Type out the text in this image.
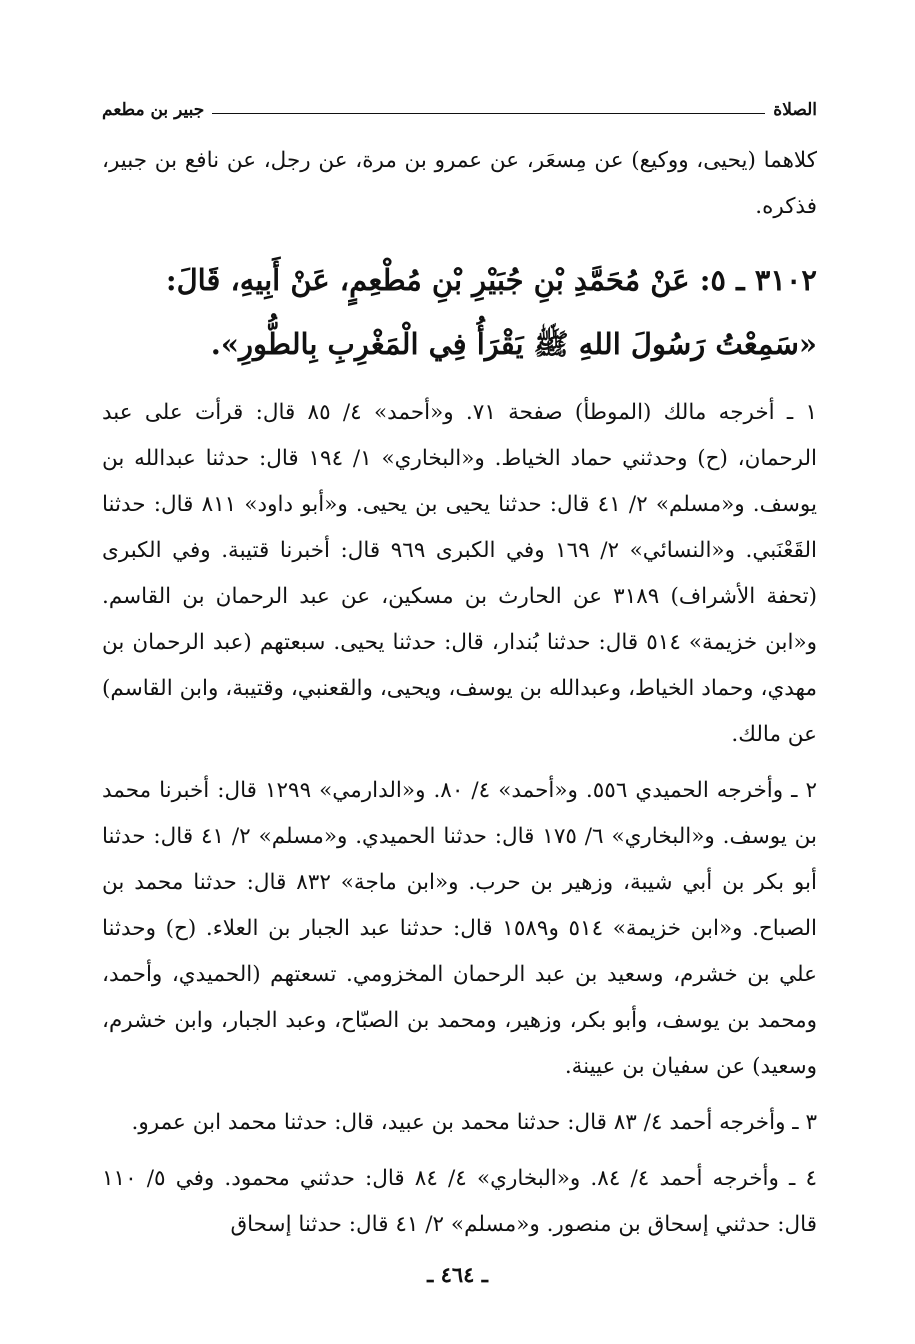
الصلاة
جبير بن مطعم

كلاهما (يحيى، ووكيع) عن مِسعَر، عن عمرو بن مرة، عن رجل، عن نافع بن جبير، فذكره.

٣١٠٢ ـ ٥: عَنْ مُحَمَّدِ بْنِ جُبَيْرِ بْنِ مُطْعِمٍ، عَنْ أَبِيهِ، قَالَ:
«سَمِعْتُ رَسُولَ اللهِ ﷺ يَقْرَأُ فِي الْمَغْرِبِ بِالطُّورِ».

١ ـ أخرجه مالك (الموطأ) صفحة ٧١. و«أحمد» ٤/ ٨٥ قال: قرأت على عبد الرحمان، (ح) وحدثني حماد الخياط. و«البخاري» ١/ ١٩٤ قال: حدثنا عبدالله بن يوسف. و«مسلم» ٢/ ٤١ قال: حدثنا يحيى بن يحيى. و«أبو داود» ٨١١ قال: حدثنا القَعْنَبي. و«النسائي» ٢/ ١٦٩ وفي الكبرى ٩٦٩ قال: أخبرنا قتيبة. وفي الكبرى (تحفة الأشراف) ٣١٨٩ عن الحارث بن مسكين، عن عبد الرحمان بن القاسم. و«ابن خزيمة» ٥١٤ قال: حدثنا بُندار، قال: حدثنا يحيى. سبعتهم (عبد الرحمان بن مهدي، وحماد الخياط، وعبدالله بن يوسف، ويحيى، والقعنبي، وقتيبة، وابن القاسم) عن مالك.

٢ ـ وأخرجه الحميدي ٥٥٦. و«أحمد» ٤/ ٨٠. و«الدارمي» ١٢٩٩ قال: أخبرنا محمد بن يوسف. و«البخاري» ٦/ ١٧٥ قال: حدثنا الحميدي. و«مسلم» ٢/ ٤١ قال: حدثنا أبو بكر بن أبي شيبة، وزهير بن حرب. و«ابن ماجة» ٨٣٢ قال: حدثنا محمد بن الصباح. و«ابن خزيمة» ٥١٤ و١٥٨٩ قال: حدثنا عبد الجبار بن العلاء. (ح) وحدثنا علي بن خشرم، وسعيد بن عبد الرحمان المخزومي. تسعتهم (الحميدي، وأحمد، ومحمد بن يوسف، وأبو بكر، وزهير، ومحمد بن الصبّاح، وعبد الجبار، وابن خشرم، وسعيد) عن سفيان بن عيينة.

٣ ـ وأخرجه أحمد ٤/ ٨٣ قال: حدثنا محمد بن عبيد، قال: حدثنا محمد ابن عمرو.

٤ ـ وأخرجه أحمد ٤/ ٨٤. و«البخاري» ٤/ ٨٤ قال: حدثني محمود. وفي ٥/ ١١٠ قال: حدثني إسحاق بن منصور. و«مسلم» ٢/ ٤١ قال: حدثنا إسحاق

ـ ٤٦٤ ـ
